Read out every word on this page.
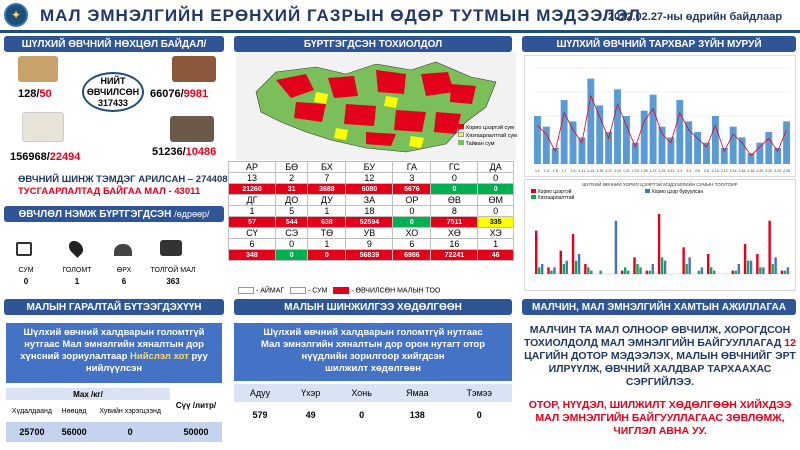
✦	МАЛ ЭМНЭЛГИЙН ЕРӨНХИЙ ГАЗРЫН ӨДӨР ТУТМЫН МЭДЭЭЛЭЛ
2022.02.27-ны өдрийн байдлаар
ШҮЛХИЙ ӨВЧНИЙ НӨХЦӨЛ БАЙДАЛ/
128/50	66076/9981
НИЙТ
ӨВЧИЛСӨН
317433
156968/22494	51236/10486
ӨВЧНИЙ ШИНЖ ТЭМДЭГ АРИЛСАН – 274408
ТУСГААРЛАЛТАД БАЙГАА МАЛ - 43011
ӨВЧЛӨЛ НЭМЖ БҮРТГЭГДСЭН
/өдрөөр/
СУМ
0
ГОЛОМТ
1
ӨРХ
6
ТОЛГОЙ МАЛ
363
МАЛЫН ГАРАЛТАЙ БҮТЭЭГДЭХҮҮН
Шүлхий өвчний халдварын голомтгүй
нутгаас Мал эмнэлгийн хяналтын дор
хүнсний зориулалтаар Нийслэл хот руу
нийлүүлсэн
Мах /кг/			Сүү /литр/
Хүдалдаанд	Нөөцөд	Хувийн хэрэгцээнд	
25700	56000	0	50000
БҮРТГЭГДСЭН ТОХИОЛДОЛ
Хорио цээртэй сум
Хязгаарлалттай сум
Тайван сум
АР	БӨ	БХ	БУ	ГА	ГС	ДА
13	2	7	12	3	0	0
21260	31	3688	6080	5676	0	0
ДГ	ДО	ДУ	ЗА	ОР	ӨВ	ӨМ
1	5	1	18	0	8	0
57	544	638	52594	0	7511	335
СҮ	СЭ	ТӨ	УВ	ХО	ХӨ	ХЭ
6	0	1	9	6	16	1
348	0	0	56839	6986	72241	46
- АЙМАГ	- СУМ	- ӨВЧИЛСӨН МАЛЫН ТОО
МАЛЫН ШИНЖИЛГЭЭ ХӨДӨЛГӨӨН
Шүлхий өвчний халдварын голомтгүй нутгаас
Мал эмнэлгийн хяналтын дор орон нутагт отор
нүүдлийн зорилгоор хийгдсэн
шилжилт хөдөлгөөн
Адуу	Үхэр	Хонь	Ямаа	Тэмээ
579	49	0	138	0
ШҮЛХИЙ ӨВЧНИЙ ТАРХВАР ЗҮЙН МУРУЙ
1.1 1.3 1.5 1.7 1.9 1.11 1.13 1.15 1.17 1.19 1.21 1.23 1.25 1.27 1.29 1.31 2.2 2.4 2.6 2.8 2.10 2.12 2.14 2.16 2.18 2.20 2.22 2.24 2.26
ШҮЛХИЙ ӨВЧНИЙ ХОРИО ЦЭЭРТЭЙ МЭДЭЭЛЛИЙН СУМЫН ТОО/ТОИР
Хорио цээртэй
Хязгаарлалттай
Хорио цээр буруулсан
МАЛЧИН, МАЛ ЭМНЭЛГИЙН ХАМТЫН АЖИЛЛАГАА
МАЛЧИН ТА МАЛ ОЛНООР ӨВЧИЛЖ, ХОРОГДСОН
ТОХИОЛДОЛД МАЛ ЭМНЭЛГИЙН БАЙГУУЛЛАГАД 12
ЦАГИЙН ДОТОР МЭДЭЭЛЭХ, МАЛЫН ӨВЧНИЙГ ЭРТ
ИЛРҮҮЛЖ, ӨВЧНИЙ ХАЛДВАР ТАРХААХАС
СЭРГИЙЛЭЭ.
ОТОР, НҮҮДЭЛ, ШИЛЖИЛТ ХӨДӨЛГӨӨН ХИЙХДЭЭ
МАЛ ЭМНЭЛГИЙН БАЙГУУЛЛАГААС ЗӨВЛӨМЖ,
ЧИГЛЭЛ АВНА УУ.
